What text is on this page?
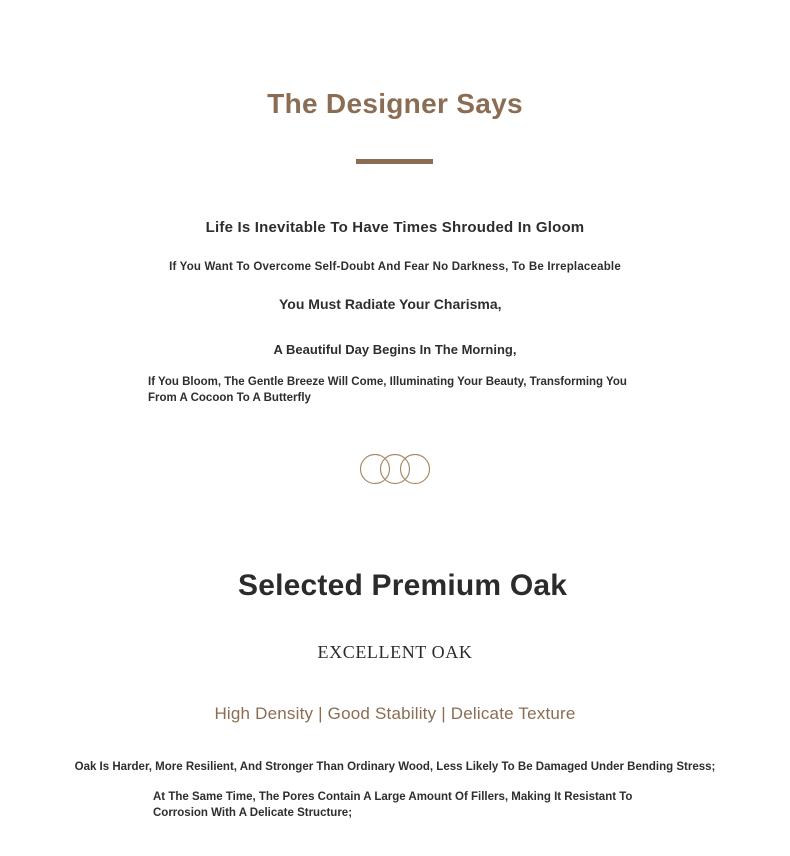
The Designer Says
Life Is Inevitable To Have Times Shrouded In Gloom
If You Want To Overcome Self-Doubt And Fear No Darkness, To Be Irreplaceable
You Must Radiate Your Charisma,
A Beautiful Day Begins In The Morning,
If You Bloom, The Gentle Breeze Will Come, Illuminating Your Beauty, Transforming You From A Cocoon To A Butterfly
Selected Premium Oak
EXCELLENT OAK
High Density | Good Stability | Delicate Texture
Oak Is Harder, More Resilient, And Stronger Than Ordinary Wood, Less Likely To Be Damaged Under Bending Stress;
At The Same Time, The Pores Contain A Large Amount Of Fillers, Making It Resistant To Corrosion With A Delicate Structure;
